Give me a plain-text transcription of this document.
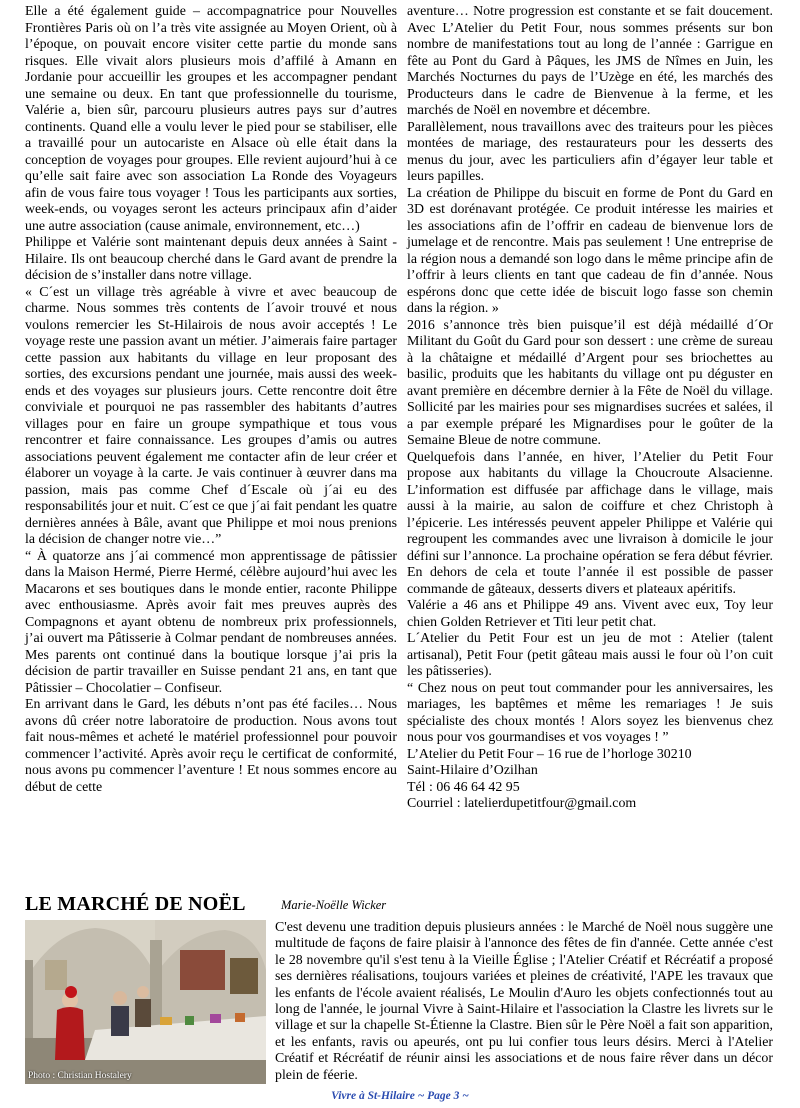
Elle a été également guide – accompagnatrice pour Nouvelles Frontières Paris où on l’a très vite assignée au Moyen Orient, où à l’époque, on pouvait encore visiter cette partie du monde sans risques. Elle vivait alors plusieurs mois d’affilé à Amann en Jordanie pour accueillir les groupes et les accompagner pendant une semaine ou deux. En tant que professionnelle du tourisme, Valérie a, bien sûr, parcouru plusieurs autres pays sur d’autres continents. Quand elle a voulu lever le pied pour se stabiliser, elle a travaillé pour un autocariste en Alsace où elle était dans la conception de voyages pour groupes. Elle revient aujourd’hui à ce qu’elle sait faire avec son association La Ronde des Voyageurs afin de vous faire tous voyager ! Tous les participants aux sorties, week-ends, ou voyages seront les acteurs principaux afin d’aider une autre association (cause animale, environnement, etc…)

Philippe et Valérie sont maintenant depuis deux années à Saint -Hilaire. Ils ont beaucoup cherché dans le Gard avant de prendre la décision de s’installer dans notre village.

« C´est un village très agréable à vivre et avec beaucoup de charme. Nous sommes très contents de l´avoir trouvé et nous voulons remercier les St-Hilairois de nous avoir acceptés ! Le voyage reste une passion avant un métier. J’aimerais faire partager cette passion aux habitants du village en leur proposant des sorties, des excursions pendant une journée, mais aussi des week-ends et des voyages sur plusieurs jours. Cette rencontre doit être conviviale et pourquoi ne pas rassembler des habitants d’autres villages pour en faire un groupe sympathique et tous vous rencontrer et faire connaissance. Les groupes d’amis ou autres associations peuvent également me contacter afin de leur créer et élaborer un voyage à la carte. Je vais continuer à œuvrer dans ma passion, mais pas comme Chef d´Escale où j´ai eu des responsabilités jour et nuit. C´est ce que j´ai fait pendant les quatre dernières années à Bâle, avant que Philippe et moi nous prenions la décision de changer notre vie…”

“ À quatorze ans j´ai commencé mon apprentissage de pâtissier dans la Maison Hermé, Pierre Hermé, célèbre aujourd’hui avec les Macarons et ses boutiques dans le monde entier, raconte Philippe avec enthousiasme. Après avoir fait mes preuves auprès des Compagnons et ayant obtenu de nombreux prix professionnels, j’ai ouvert ma Pâtisserie à Colmar pendant de nombreuses années. Mes parents ont continué dans la boutique lorsque j’ai pris la décision de partir travailler en Suisse pendant 21 ans, en tant que Pâtissier – Chocolatier – Confiseur.

En arrivant dans le Gard, les débuts n’ont pas été faciles… Nous avons dû créer notre laboratoire de production. Nous avons tout fait nous-mêmes et acheté le matériel professionnel pour pouvoir commencer l’activité. Après avoir reçu le certificat de conformité, nous avons pu commencer l’aventure ! Et nous sommes encore au début de cette

aventure… Notre progression est constante et se fait doucement. Avec L’Atelier du Petit Four, nous sommes présents sur bon nombre de manifestations tout au long de l’année : Garrigue en fête au Pont du Gard à Pâques, les JMS de Nîmes en Juin, les Marchés Nocturnes du pays de l’Uzège en été, les marchés des Producteurs dans le cadre de Bienvenue à la ferme, et les marchés de Noël en novembre et décembre.

Parallèlement, nous travaillons avec des traiteurs pour les pièces montées de mariage, des restaurateurs pour les desserts des menus du jour, avec les particuliers afin d’égayer leur table et leurs papilles.

La création de Philippe du biscuit en forme de Pont du Gard en 3D est dorénavant protégée. Ce produit intéresse les mairies et les associations afin de l’offrir en cadeau de bienvenue lors de jumelage et de rencontre. Mais pas seulement ! Une entreprise de la région nous a demandé son logo dans le même principe afin de l’offrir à leurs clients en tant que cadeau de fin d’année. Nous espérons donc que cette idée de biscuit logo fasse son chemin dans la région. »

2016 s’annonce très bien puisque’il est déjà médaillé d´Or Militant du Goût du Gard pour son dessert : une crème de sureau à la châtaigne et médaillé d’Argent pour ses briochettes au basilic, produits que les habitants du village ont pu déguster en avant première en décembre dernier à la Fête de Noël du village. Sollicité par les mairies pour ses mignardises sucrées et salées, il a par exemple préparé les Mignardises pour le goûter de la Semaine Bleue de notre commune.

Quelquefois dans l’année, en hiver, l’Atelier du Petit Four propose aux habitants du village la Choucroute Alsacienne. L’information est diffusée par affichage dans le village, mais aussi à la mairie, au salon de coiffure et chez Christoph à l’épicerie. Les intéressés peuvent appeler Philippe et Valérie qui regroupent les commandes avec une livraison à domicile le jour défini sur l’annonce. La prochaine opération se fera début février. En dehors de cela et toute l’année il est possible de passer commande de gâteaux, desserts divers et plateaux apéritifs.

Valérie a 46 ans et Philippe 49 ans. Vivent avec eux, Toy leur chien Golden Retriever et Titi leur petit chat.

L´Atelier du Petit Four est un jeu de mot : Atelier (talent artisanal), Petit Four (petit gâteau mais aussi le four où l’on cuit les pâtisseries).

“ Chez nous on peut tout commander pour les anniversaires, les mariages, les baptêmes et même les remariages ! Je suis spécialiste des choux montés ! Alors soyez les bienvenus chez nous pour vos gourmandises et vos voyages ! ”

L’Atelier du Petit Four – 16 rue de l’horloge 30210

Saint-Hilaire d’Ozilhan

Tél : 06 46 64 42 95

Courriel : latelierdupetitfour@gmail.com

LE MARCHÉ DE NOËL	Marie-Noëlle Wicker
Photo : Christian Hostalery

C'est devenu une tradition depuis plusieurs années : le Marché de Noël nous suggère une multitude de façons de faire plaisir à l'annonce des fêtes de fin d'année. Cette année c'est le 28 novembre qu'il s'est tenu à la Vieille Église ; l'Atelier Créatif et Récréatif a proposé ses dernières réalisations, toujours variées et pleines de créativité, l'APE les travaux que les enfants de l'école avaient réalisés, Le Moulin d'Auro les objets confectionnés tout au long de l'année, le journal Vivre à Saint-Hilaire et l'association la Clastre les livrets sur le village et sur la chapelle St-Étienne la Clastre. Bien sûr le Père Noël a fait son apparition, et les enfants, ravis ou apeurés, ont pu lui confier tous leurs désirs. Merci à l'Atelier Créatif et Récréatif de réunir ainsi les associations et de nous faire rêver dans un décor plein de féerie.

Vivre à St-Hilaire ~ Page 3 ~
